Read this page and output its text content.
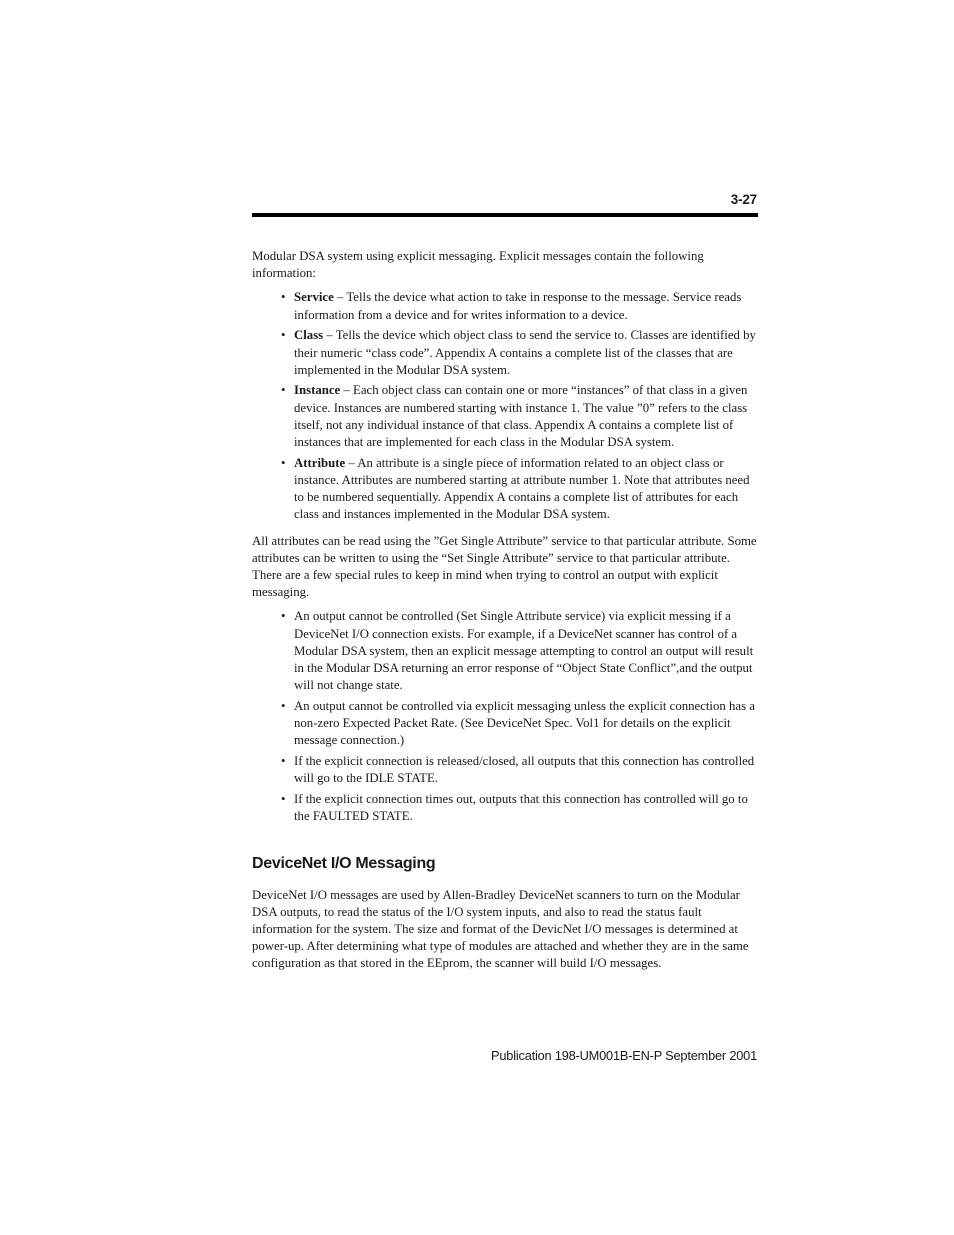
3-27

Modular DSA system using explicit messaging. Explicit messages contain the following information:

• Service – Tells the device what action to take in response to the message. Service reads information from a device and for writes information to a device.
• Class – Tells the device which object class to send the service to. Classes are identified by their numeric “class code”. Appendix A contains a complete list of the classes that are implemented in the Modular DSA system.
• Instance – Each object class can contain one or more “instances” of that class in a given device. Instances are numbered starting with instance 1. The value ”0” refers to the class itself, not any individual instance of that class. Appendix A contains a complete list of instances that are implemented for each class in the Modular DSA system.
• Attribute – An attribute is a single piece of information related to an object class or instance. Attributes are numbered starting at attribute number 1. Note that attributes need to be numbered sequentially. Appendix A contains a complete list of attributes for each class and instances implemented in the Modular DSA system.

All attributes can be read using the ”Get Single Attribute” service to that particular attribute. Some attributes can be written to using the “Set Single Attribute” service to that particular attribute. There are a few special rules to keep in mind when trying to control an output with explicit messaging.

• An output cannot be controlled (Set Single Attribute service) via explicit messing if a DeviceNet I/O connection exists. For example, if a DeviceNet scanner has control of a Modular DSA system, then an explicit message attempting to control an output will result in the Modular DSA returning an error response of “Object State Conflict”,and the output will not change state.
• An output cannot be controlled via explicit messaging unless the explicit connection has a non-zero Expected Packet Rate. (See DeviceNet Spec. Vol1 for details on the explicit message connection.)
• If the explicit connection is released/closed, all outputs that this connection has controlled will go to the IDLE STATE.
• If the explicit connection times out, outputs that this connection has controlled will go to the FAULTED STATE.
DeviceNet I/O Messaging

DeviceNet I/O messages are used by Allen-Bradley DeviceNet scanners to turn on the Modular DSA outputs, to read the status of the I/O system inputs, and also to read the status fault information for the system. The size and format of the DevicNet I/O messages is determined at power-up. After determining what type of modules are attached and whether they are in the same configuration as that stored in the EEprom, the scanner will build I/O messages.

Publication 198-UM001B-EN-P September 2001
